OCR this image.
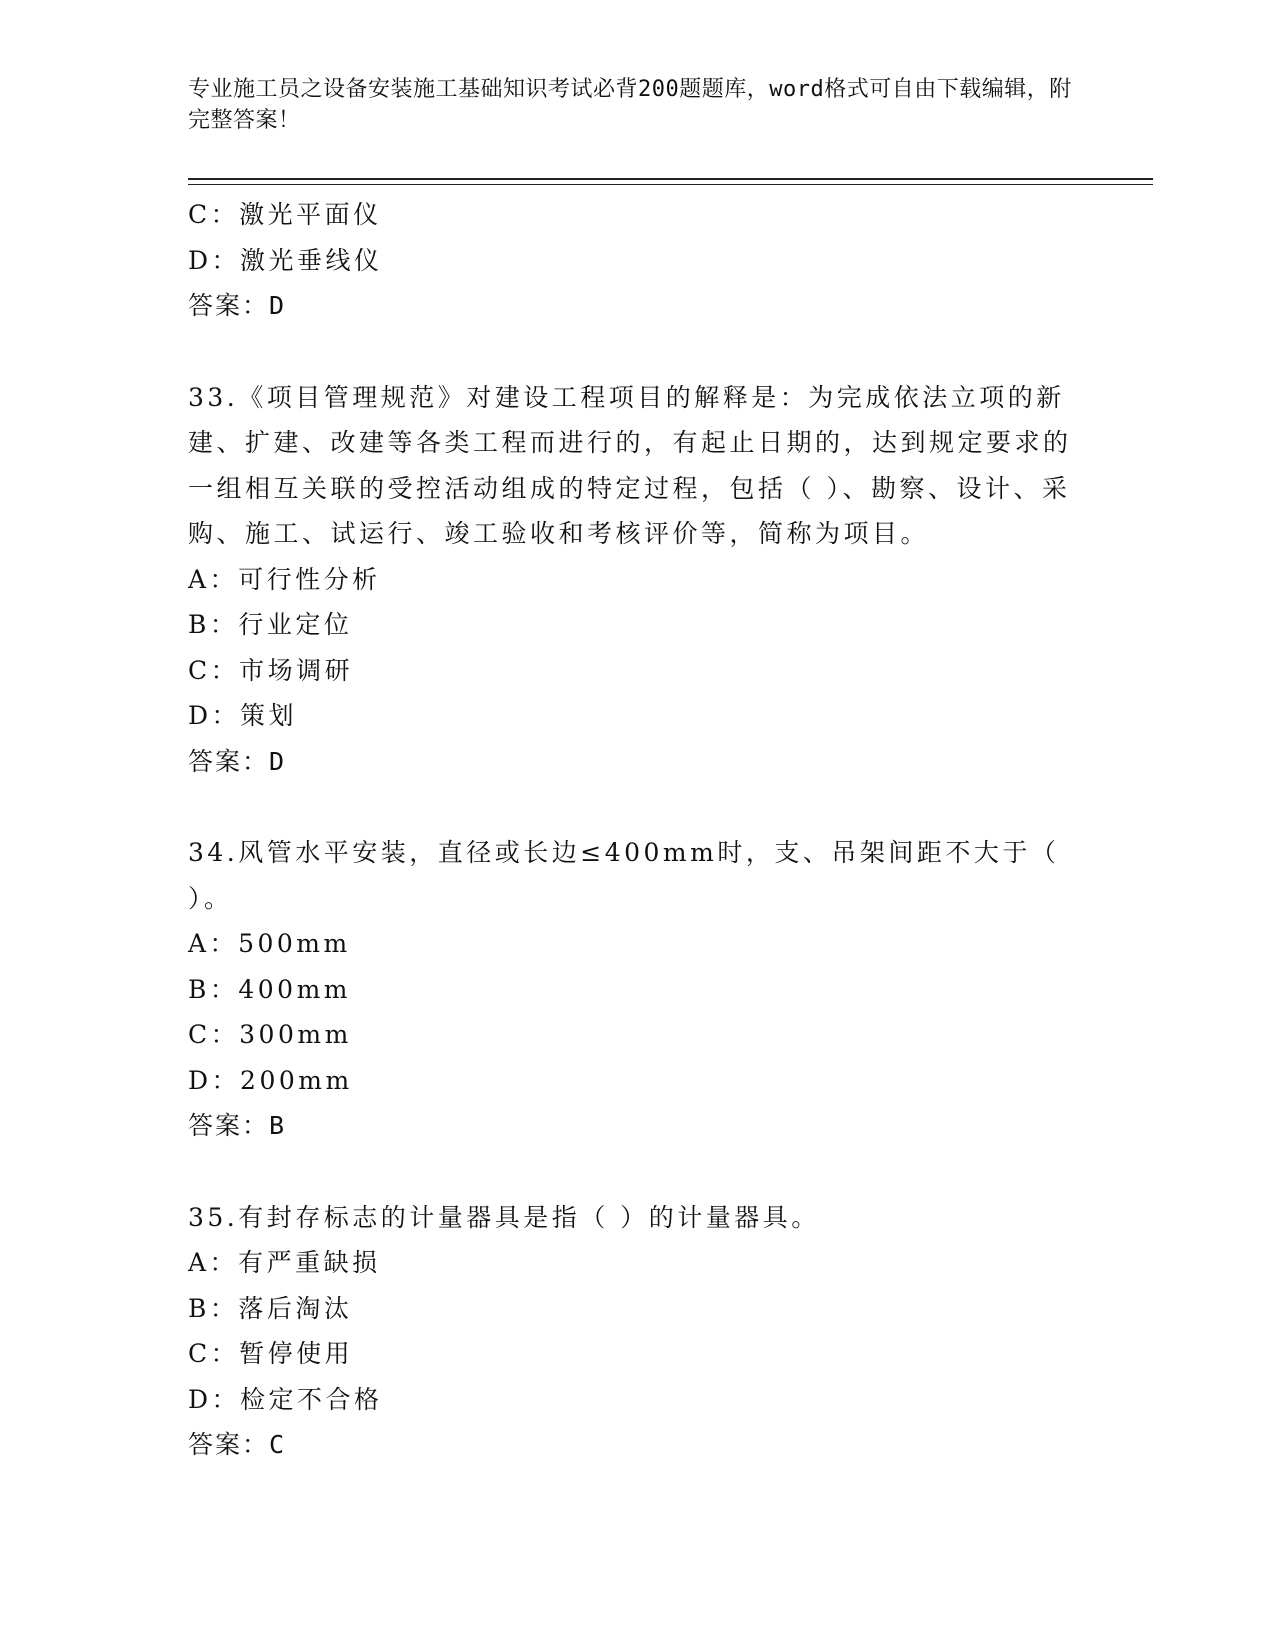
专业施工员之设备安装施工基础知识考试必背200题题库，word格式可自由下载编辑，附完整答案！
C：激光平面仪
D：激光垂线仪
答案：D
33.《项目管理规范》对建设工程项目的解释是：为完成依法立项的新建、扩建、改建等各类工程而进行的，有起止日期的，达到规定要求的一组相互关联的受控活动组成的特定过程，包括（ ）、勘察、设计、采购、施工、试运行、竣工验收和考核评价等，简称为项目。
A：可行性分析
B：行业定位
C：市场调研
D：策划
答案：D
34.风管水平安装，直径或长边≤400mm时，支、吊架间距不大于（ ）。
A：500mm
B：400mm
C：300mm
D：200mm
答案：B
35.有封存标志的计量器具是指（ ）的计量器具。
A：有严重缺损
B：落后淘汰
C：暂停使用
D：检定不合格
答案：C
